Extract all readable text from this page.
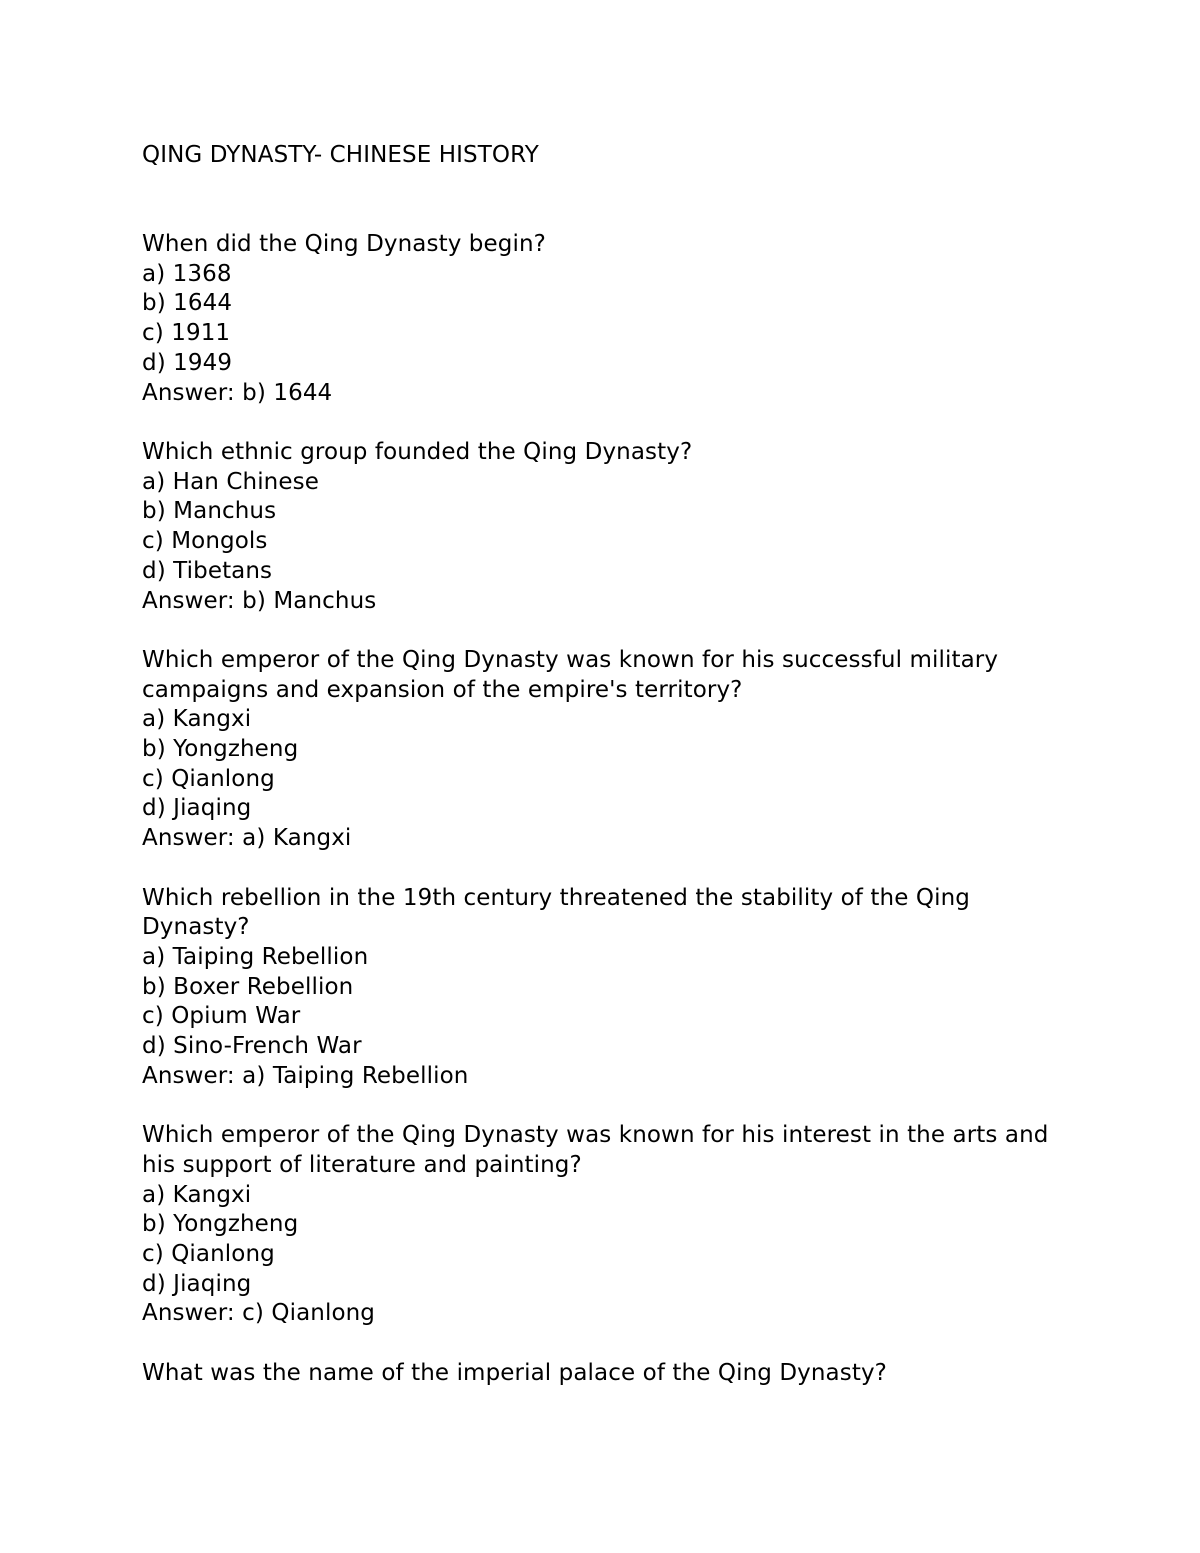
QING DYNASTY- CHINESE HISTORY
When did the Qing Dynasty begin?
a) 1368
b) 1644
c) 1911
d) 1949
Answer: b) 1644
Which ethnic group founded the Qing Dynasty?
a) Han Chinese
b) Manchus
c) Mongols
d) Tibetans
Answer: b) Manchus
Which emperor of the Qing Dynasty was known for his successful military campaigns and expansion of the empire's territory?
a) Kangxi
b) Yongzheng
c) Qianlong
d) Jiaqing
Answer: a) Kangxi
Which rebellion in the 19th century threatened the stability of the Qing Dynasty?
a) Taiping Rebellion
b) Boxer Rebellion
c) Opium War
d) Sino-French War
Answer: a) Taiping Rebellion
Which emperor of the Qing Dynasty was known for his interest in the arts and his support of literature and painting?
a) Kangxi
b) Yongzheng
c) Qianlong
d) Jiaqing
Answer: c) Qianlong
What was the name of the imperial palace of the Qing Dynasty?
